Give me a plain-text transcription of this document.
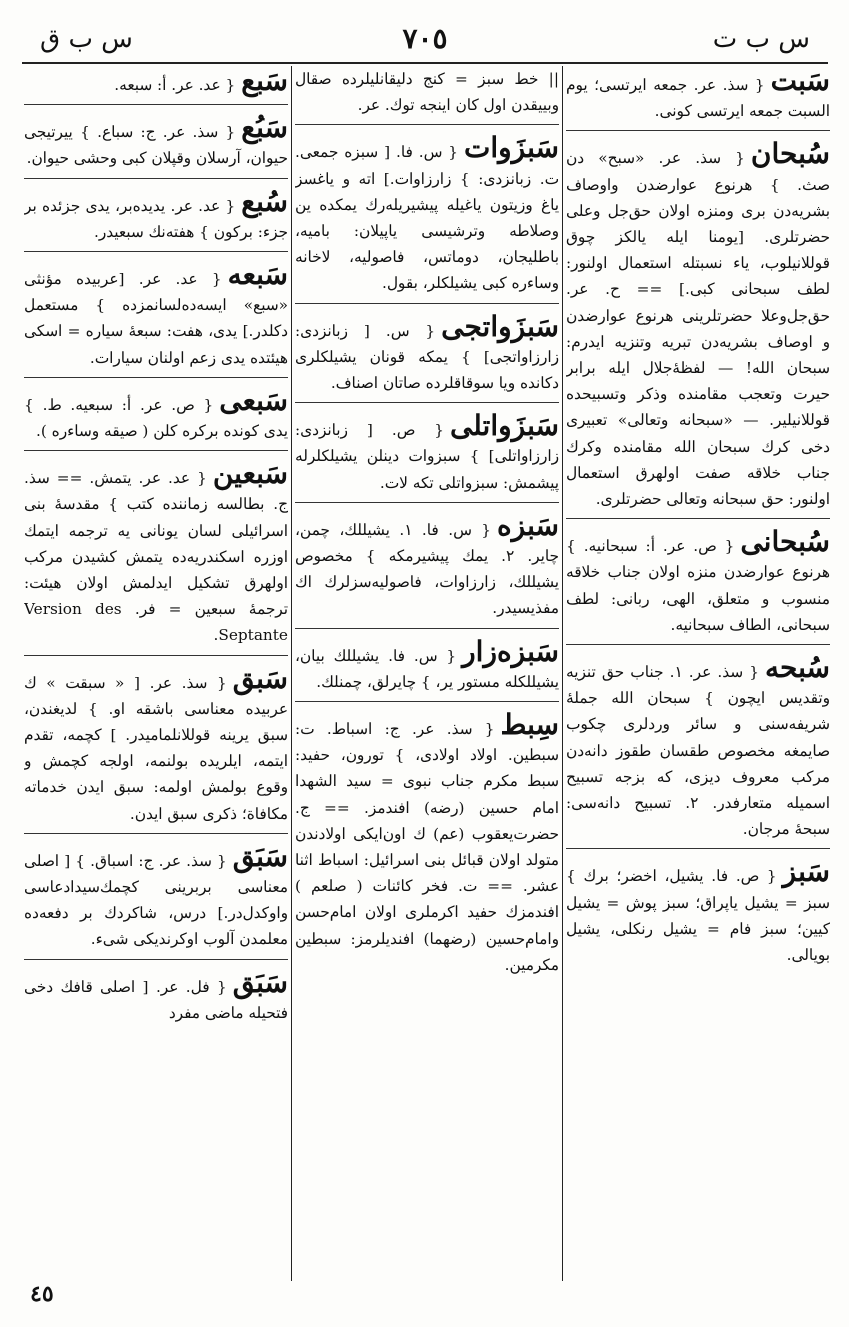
س ب ت
٧٠٥
س ب ق

سَبت{ سذ. عر. جمعه ایرتسی؛ یوم السبت جمعه ایرتسی كونی.

سُبحان{ سذ. عر. «سبح» دن صث. } هرنوع عوارضدن واوصاف بشریه‌دن بری ومنزه اولان حق‌جل وعلی حضرتلری. [یومنا ایله یالكز چوق قوللانیلوب، یاء نسبتله استعمال اولنور: لطف سبحانی كبی.] == ح. عر. حق‌جل‌وعلا حضرتلرینی هرنوع عوارضدن و اوصاف بشریه‌دن تبریه وتنزیه ایدرم: سبحان الله! — لفظهٔ‌جلال ایله برابر حیرت وتعجب مقامنده وذكر وتسبیحده قوللانیلیر. — «سبحانه وتعالی» تعبیری دخی كرك سبحان الله مقامنده وكرك جناب خلاقه صفت اولهرق استعمال اولنور: حق سبحانه وتعالی حضرتلری.

سُبحانی{ ص. عر. أ: سبحانیه. } هرنوع عوارضدن منزه اولان جناب خلاقه منسوب و متعلق، الهی، ربانی: لطف سبحانی، الطاف سبحانیه.

سُبحه{ سذ. عر. ١. جناب حق تنزیه وتقدیس ایچون } سبحان الله جملهٔ شریفه‌سنی و سائر وردلری چكوب صایمغه مخصوص طقسان طقوز دانه‌دن مركب معروف دیزی، كه بزجه تسبیح اسمیله متعارفدر. ٢. تسبیح دانه‌سی: سبحهٔ مرجان.

سَبز{ ص. فا. یشیل، اخضر؛ برك } سبز = یشیل یاپراق؛ سبز پوش = یشیل كیین؛ سبز فام = یشیل رنكلی، یشیل بویالی.

|| خط سبز = كنج دلیقانلیلرده صقال وبییقدن اول كان اینجه توك. عر.

سَبزَوات{ س. فا. [ سبزه جمعی. ت. زبانزدی: } زارزاوات.] اته و یاغسز یاغ وزیتون یاغیله پیشیریله‌رك یمكده ین وصلاطه وترشیسی یاپیلان: بامیه، باطلیجان، دوماتس، فاصولیه، لاخانه وساءره كبی یشیلكلر، بقول.

سَبزَواتجی{ س. [ زبانزدی: زارزاواتجی] } یمكه قونان یشیلكلری دكانده ویا سوقاقلرده صاتان اصناف.

سَبزَواتلی{ ص. [ زبانزدی: زارزاواتلی] } سبزوات دینلن یشیلكلرله پیشمش: سبزواتلی تكه لات.

سَبزه{ س. فا. ١. یشیللك، چمن، چایر. ٢. یمك پیشیرمكه } مخصوص یشیللك، زارزاوات، فاصولیه‌سزلرك اك مفذیسیدر.

سَبزه‌زار{ س. فا. یشیللك بیان، یشیللكله مستور یر، } چایرلق، چمنلك.

سِبط{ سذ. عر. ج: اسباط. ت: سبطین. اولاد اولادی، } تورون، حفید: سبط مكرم جناب نبوی = سید الشهدا امام حسین (رضه) افندمز. == ج. حضرت‌یعقوب (عم) ك اون‌ایكی اولادندن متولد اولان قبائل بنی اسرائیل: اسباط اثنا عشر. == ت. فخر كائنات ( صلعم ) افندمزك حفید اكرملری اولان امام‌حسن وامام‌حسین (رضهما) افندیلرمز: سبطین مكرمین.

سَبع{ عد. عر. أ: سبعه.

سَبُع{ سذ. عر. ج: سباع. } ییرتیجی حیوان، آرسلان وقپلان كبی وحشی حیوان.

سُبع{ عد. عر. یدیده‌بر، یدی جزئده بر جزء: بركون } هفته‌نك سبعیدر.

سَبعه{ عد. عر. [عربیده مؤنثی «سبع» ایسه‌ده‌لسانمزده } مستعمل دكلدر.] یدی، هفت: سبعهٔ سیاره = اسكی هیئتده یدی زعم اولنان سیارات.

سَبعی{ ص. عر. أ: سبعیه. ط. } یدی كونده بركره كلن ( صیقه وساءره ).

سَبعین{ عد. عر. یتمش. == سذ. ج. بطالسه زماننده كتب } مقدسهٔ بنی اسرائیلی لسان یونانی یه ترجمه ایتمك اوزره اسكندریه‌ده یتمش كشیدن مركب اولهرق تشكیل ایدلمش اولان هیئت: ترجمهٔ سبعین = فر. Version des Septante.

سَبق{ سذ. عر. [ « سبقت » ك عربیده معناسی باشقه او. } لدیغندن، سبق یرینه قوللانلمامیدر. ] كچمه، تقدم ایتمه، ایلریده بولنمه، اولجه كچمش و وقوع بولمش اولمه: سبق ایدن خدماته مكافاة؛ ذكری سبق ایدن.

سَبَق{ سذ. عر. ج: اسباق. } [ اصلی معناسی بربرینی كچمك‌سیدادعاسی واوكدل‌در.] درس، شاكردك بر دفعه‌ده معلمدن آلوب اوكرندیكی شیء.

سَبَق{ فل. عر. [ اصلی قافك دخی فتحیله ماضی مفرد

٤٥
